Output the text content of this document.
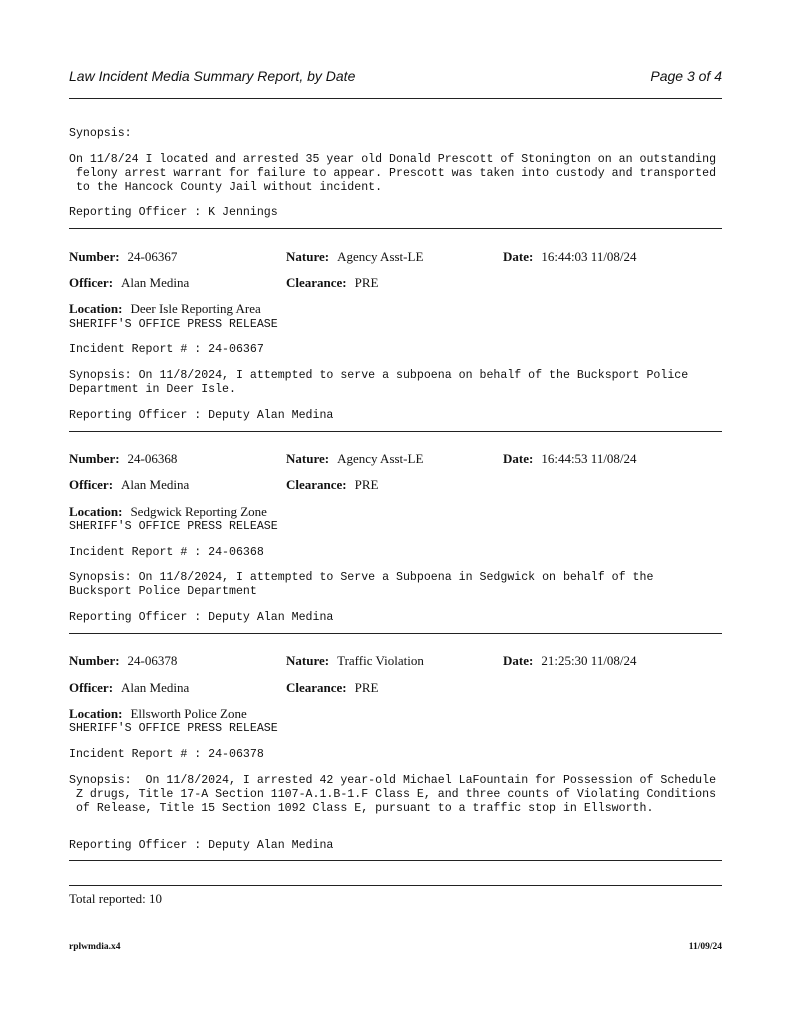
Law Incident Media Summary Report, by Date	Page 3 of 4
Synopsis:
On 11/8/24 I located and arrested 35 year old Donald Prescott of Stonington on an outstanding
felony arrest warrant for failure to appear. Prescott was taken into custody and transported
to the Hancock County Jail without incident.
Reporting Officer : K Jennings
Number: 24-06367	Nature: Agency Asst-LE	Date: 16:44:03 11/08/24
Officer: Alan Medina	Clearance: PRE
Location: Deer Isle Reporting Area
SHERIFF'S OFFICE PRESS RELEASE
Incident Report # : 24-06367
Synopsis: On 11/8/2024, I attempted to serve a subpoena on behalf of the Bucksport Police
Department in Deer Isle.
Reporting Officer : Deputy Alan Medina
Number: 24-06368	Nature: Agency Asst-LE	Date: 16:44:53 11/08/24
Officer: Alan Medina	Clearance: PRE
Location: Sedgwick Reporting Zone
SHERIFF'S OFFICE PRESS RELEASE
Incident Report # : 24-06368
Synopsis: On 11/8/2024, I attempted to Serve a Subpoena in Sedgwick on behalf of the
Bucksport Police Department
Reporting Officer : Deputy Alan Medina
Number: 24-06378	Nature: Traffic Violation	Date: 21:25:30 11/08/24
Officer: Alan Medina	Clearance: PRE
Location: Ellsworth Police Zone
SHERIFF'S OFFICE PRESS RELEASE
Incident Report # : 24-06378
Synopsis:  On 11/8/2024, I arrested 42 year-old Michael LaFountain for Possession of Schedule
Z drugs, Title 17-A Section 1107-A.1.B-1.F Class E, and three counts of Violating Conditions
of Release, Title 15 Section 1092 Class E, pursuant to a traffic stop in Ellsworth.
Reporting Officer : Deputy Alan Medina
Total reported: 10
rplwmdia.x4	11/09/24
